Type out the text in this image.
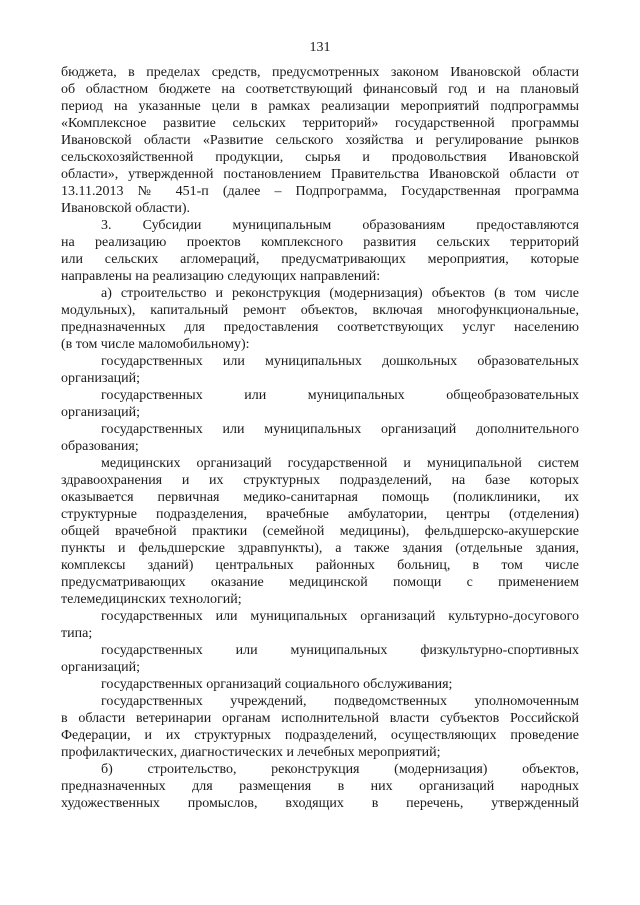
131
бюджета, в пределах средств, предусмотренных законом Ивановской области
об областном бюджете на соответствующий финансовый год и на плановый
период на указанные цели в рамках реализации мероприятий подпрограммы
«Комплексное развитие сельских территорий» государственной программы
Ивановской области «Развитие сельского хозяйства и регулирование рынков
сельскохозяйственной продукции, сырья и продовольствия Ивановской
области», утвержденной постановлением Правительства Ивановской области от
13.11.2013 № 451-п (далее – Подпрограмма, Государственная программа
Ивановской области).
3. Субсидии муниципальным образованиям предоставляются
на реализацию проектов комплексного развития сельских территорий
или сельских агломераций, предусматривающих мероприятия, которые
направлены на реализацию следующих направлений:
а) строительство и реконструкция (модернизация) объектов (в том числе
модульных), капитальный ремонт объектов, включая многофункциональные,
предназначенных для предоставления соответствующих услуг населению
(в том числе маломобильному):
государственных или муниципальных дошкольных образовательных
организаций;
государственных или муниципальных общеобразовательных
организаций;
государственных или муниципальных организаций дополнительного
образования;
медицинских организаций государственной и муниципальной систем
здравоохранения и их структурных подразделений, на базе которых
оказывается первичная медико-санитарная помощь (поликлиники, их
структурные подразделения, врачебные амбулатории, центры (отделения)
общей врачебной практики (семейной медицины), фельдшерско-акушерские
пункты и фельдшерские здравпункты), а также здания (отдельные здания,
комплексы зданий) центральных районных больниц, в том числе
предусматривающих оказание медицинской помощи с применением
телемедицинских технологий;
государственных или муниципальных организаций культурно-досугового
типа;
государственных или муниципальных физкультурно-спортивных
организаций;
государственных организаций социального обслуживания;
государственных учреждений, подведомственных уполномоченным
в области ветеринарии органам исполнительной власти субъектов Российской
Федерации, и их структурных подразделений, осуществляющих проведение
профилактических, диагностических и лечебных мероприятий;
б) строительство, реконструкция (модернизация) объектов,
предназначенных для размещения в них организаций народных
художественных промыслов, входящих в перечень, утвержденный
